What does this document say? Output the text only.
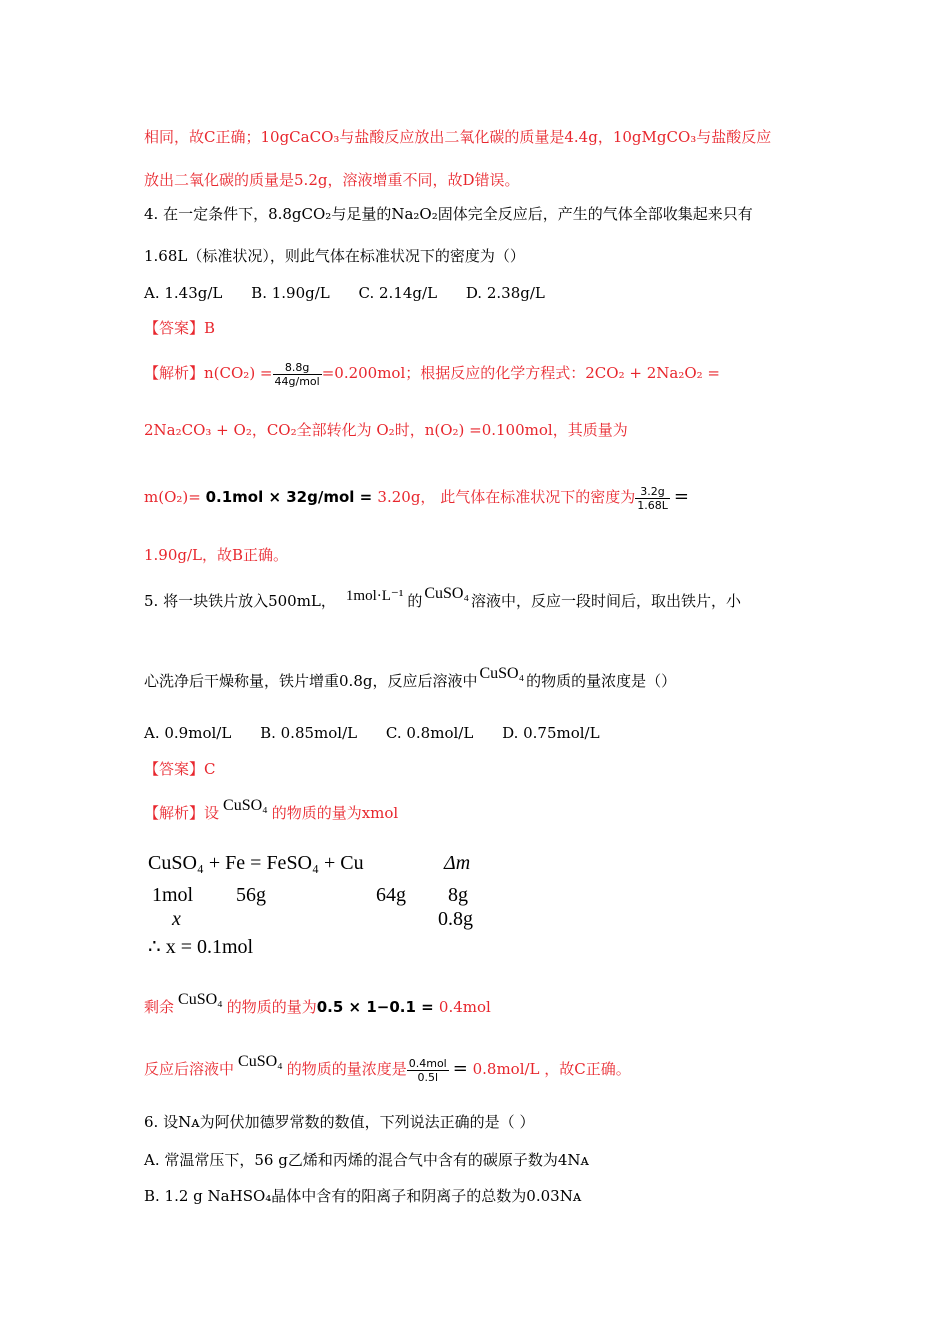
相同，故C正确；10gCaCO₃与盐酸反应放出二氧化碳的质量是4.4g，10gMgCO₃与盐酸反应
放出二氧化碳的质量是5.2g，溶液增重不同，故D错误。
4. 在一定条件下，8.8gCO₂与足量的Na₂O₂固体完全反应后，产生的气体全部收集起来只有
1.68L（标准状况），则此气体在标准状况下的密度为（）
A. 1.43g/L B. 1.90g/L C. 2.14g/L D. 2.38g/L
【答案】B
【解析】$n(CO_2) = \frac{8.8g}{\text{44g/mol}} =0.200mol$；根据反应的化学方程式：2CO₂ + 2Na₂O₂ =
2Na₂CO₃ + O₂，CO₂全部转化为 O₂时，n(O₂) =0.100mol，其质量为
m(O₂)= 0.1mol × 32g/mol = 3.20g， 此气体在标准状况下的密度为 $\frac{3.2g}{1.68L}$ =
1.90g/L，故B正确。
5. 将一块铁片放入500mL， 1mol·L⁻¹ 的 CuSO₄ 溶液中，反应一段时间后，取出铁片，小
心洗净后干燥称量，铁片增重0.8g，反应后溶液中 CuSO₄ 的物质的量浓度是（）
A. 0.9mol/L B. 0.85mol/L C. 0.8mol/L D. 0.75mol/L
【答案】C
【解析】设 CuSO₄ 的物质的量为xmol
CuSO₄ + Fe = FeSO₄ + Cu	Δm
1mol 56g	64g 8g
x	0.8g
∴ x = 0.1mol
剩余 CuSO₄ 的物质的量为0.5 × 1−0.1 = 0.4mol
反应后溶液中 CuSO₄ 的物质的量浓度是 $\frac{\text{0.4mol}}{0.5l} = 0.8mol/L$ ，故C正确。
6. 设Nᴀ为阿伏加德罗常数的数值，下列说法正确的是（ ）
A. 常温常压下，56 g乙烯和丙烯的混合气中含有的碳原子数为4Nᴀ
B. 1.2 g NaHSO₄晶体中含有的阳离子和阴离子的总数为0.03Nᴀ
